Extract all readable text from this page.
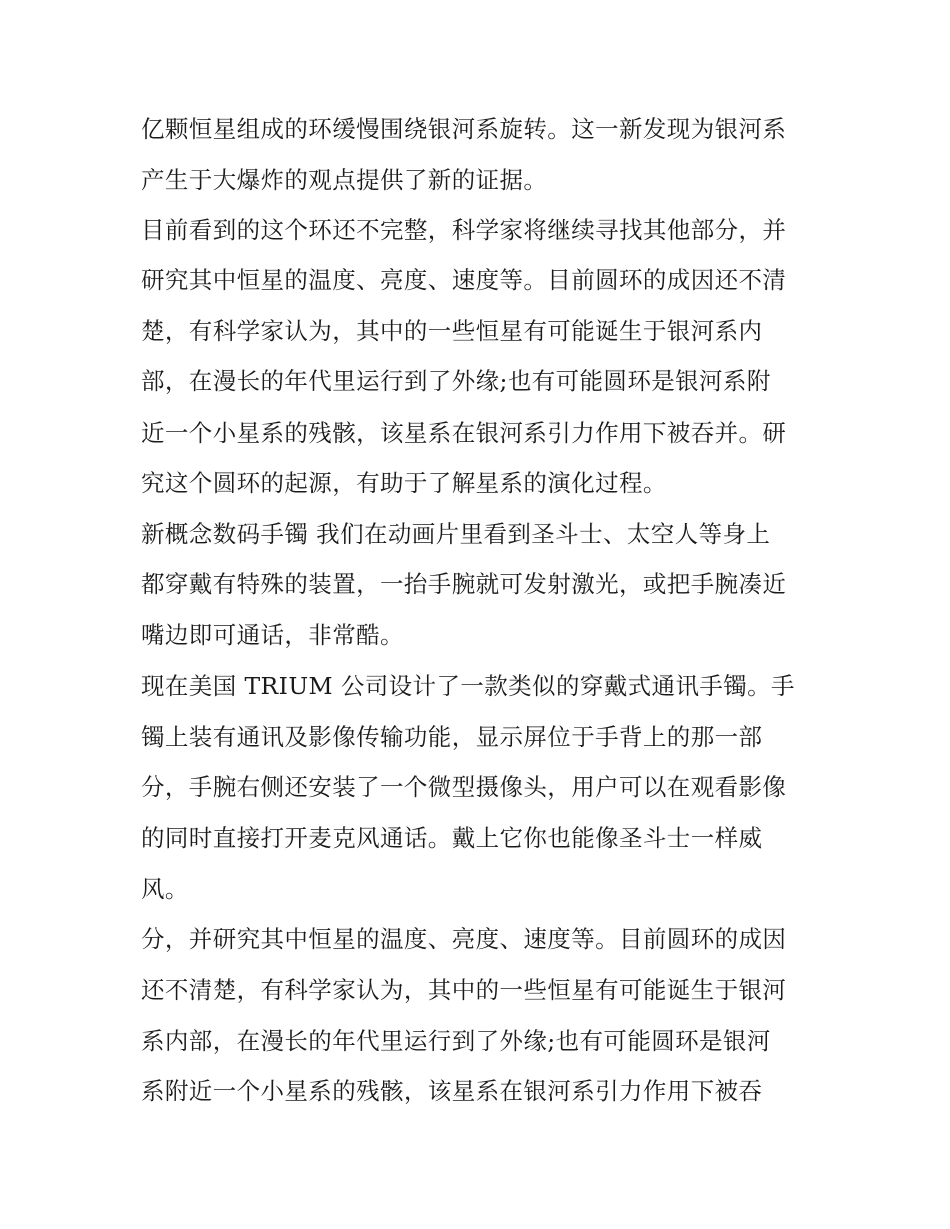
亿颗恒星组成的环缓慢围绕银河系旋转。这一新发现为银河系
产生于大爆炸的观点提供了新的证据。
目前看到的这个环还不完整，科学家将继续寻找其他部分，并
研究其中恒星的温度、亮度、速度等。目前圆环的成因还不清
楚，有科学家认为，其中的一些恒星有可能诞生于银河系内
部，在漫长的年代里运行到了外缘;也有可能圆环是银河系附
近一个小星系的残骸，该星系在银河系引力作用下被吞并。研
究这个圆环的起源，有助于了解星系的演化过程。
新概念数码手镯 我们在动画片里看到圣斗士、太空人等身上
都穿戴有特殊的装置，一抬手腕就可发射激光，或把手腕凑近
嘴边即可通话，非常酷。
现在美国 TRIUM 公司设计了一款类似的穿戴式通讯手镯。手
镯上装有通讯及影像传输功能，显示屏位于手背上的那一部
分，手腕右侧还安装了一个微型摄像头，用户可以在观看影像
的同时直接打开麦克风通话。戴上它你也能像圣斗士一样威
风。
分，并研究其中恒星的温度、亮度、速度等。目前圆环的成因
还不清楚，有科学家认为，其中的一些恒星有可能诞生于银河
系内部，在漫长的年代里运行到了外缘;也有可能圆环是银河
系附近一个小星系的残骸，该星系在银河系引力作用下被吞
